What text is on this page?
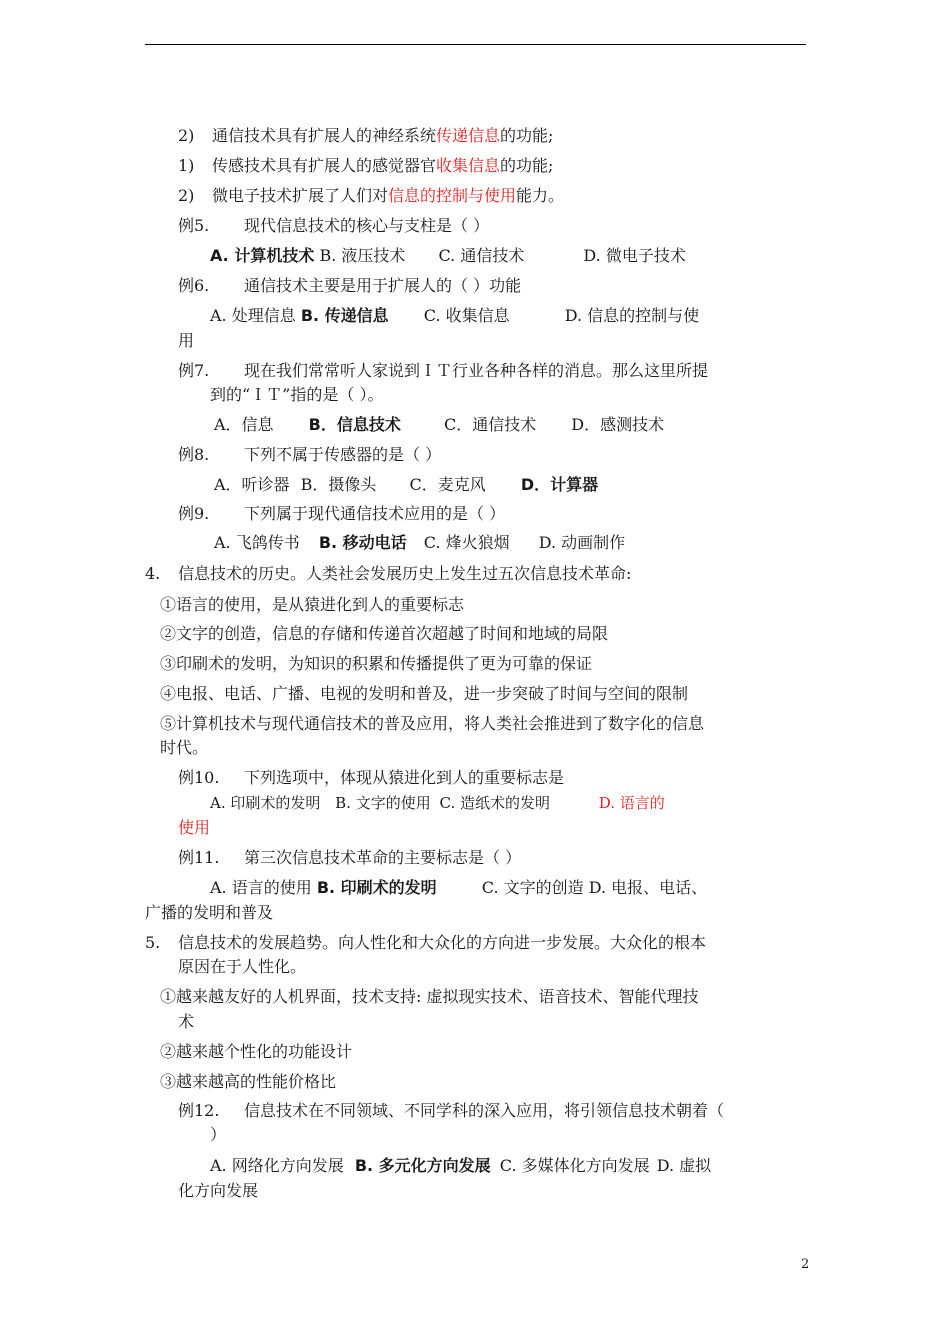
2) 通信技术具有扩展人的神经系统传递信息的功能;
1) 传感技术具有扩展人的感觉器官收集信息的功能;
2) 微电子技术扩展了人们对信息的控制与使用能力。
例5. 现代信息技术的核心与支柱是（ ）
A. 计算机技术 B. 液压技术 C. 通信技术	D. 微电子技术
例6. 通信技术主要是用于扩展人的（ ）功能
A. 处理信息 B. 传递信息 C. 收集信息	D. 信息的控制与使
用
例7. 现在我们常常听人家说到ＩＴ行业各种各样的消息。那么这里所提
到的“ＩＴ”指的是（ ）。
A．信息 B．信息技术	C．通信技术 D．感测技术
例8. 下列不属于传感器的是（ ）
A．听诊器 B．摄像头 C．麦克风 D．计算器
例9. 下列属于现代通信技术应用的是（ ）
A. 飞鸽传书 B. 移动电话 C. 烽火狼烟 D. 动画制作
4. 信息技术的历史。人类社会发展历史上发生过五次信息技术革命:
①语言的使用，是从猿进化到人的重要标志
②文字的创造，信息的存储和传递首次超越了时间和地域的局限
③印刷术的发明，为知识的积累和传播提供了更为可靠的保证
④电报、电话、广播、电视的发明和普及，进一步突破了时间与空间的限制
⑤计算机技术与现代通信技术的普及应用，将人类社会推进到了数字化的信息
时代。
例10. 下列选项中，体现从猿进化到人的重要标志是
A. 印刷术的发明 B. 文字的使用 C. 造纸术的发明	D. 语言的
使用
例11. 第三次信息技术革命的主要标志是（ ）
A. 语言的使用 B. 印刷术的发明	C. 文字的创造 D. 电报、电话、
广播的发明和普及
5. 信息技术的发展趋势。向人性化和大众化的方向进一步发展。大众化的根本
原因在于人性化。
①越来越友好的人机界面，技术支持: 虚拟现实技术、语音技术、智能代理技
术
②越来越个性化的功能设计
③越来越高的性能价格比
例12. 信息技术在不同领域、不同学科的深入应用，将引领信息技术朝着（
）
A. 网络化方向发展 B. 多元化方向发展 C. 多媒体化方向发展 D. 虚拟
化方向发展
2
